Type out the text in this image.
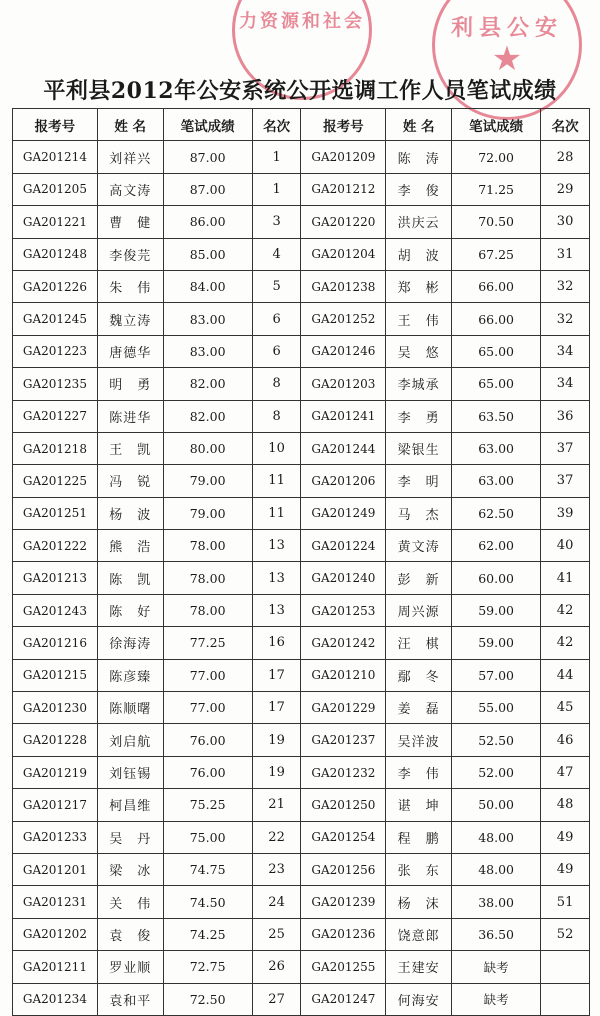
力资源和社会	利县公安
★
平利县2012年公安系统公开选调工作人员笔试成绩
报考号	姓 名	笔试成绩	名次	报考号	姓 名	笔试成绩	名次
GA201214	刘祥兴	87.00	1	GA201209	陈　涛	72.00	28
GA201205	高文涛	87.00	1	GA201212	李　俊	71.25	29
GA201221	曹　健	86.00	3	GA201220	洪庆云	70.50	30
GA201248	李俊芫	85.00	4	GA201204	胡　波	67.25	31
GA201226	朱　伟	84.00	5	GA201238	郑　彬	66.00	32
GA201245	魏立涛	83.00	6	GA201252	王　伟	66.00	32
GA201223	唐德华	83.00	6	GA201246	吴　悠	65.00	34
GA201235	明　勇	82.00	8	GA201203	李城承	65.00	34
GA201227	陈进华	82.00	8	GA201241	李　勇	63.50	36
GA201218	王　凯	80.00	10	GA201244	梁银生	63.00	37
GA201225	冯　锐	79.00	11	GA201206	李　明	63.00	37
GA201251	杨　波	79.00	11	GA201249	马　杰	62.50	39
GA201222	熊　浩	78.00	13	GA201224	黄文涛	62.00	40
GA201213	陈　凯	78.00	13	GA201240	彭　新	60.00	41
GA201243	陈　好	78.00	13	GA201253	周兴源	59.00	42
GA201216	徐海涛	77.25	16	GA201242	汪　棋	59.00	42
GA201215	陈彦臻	77.00	17	GA201210	鄢　冬	57.00	44
GA201230	陈顺曙	77.00	17	GA201229	姜　磊	55.00	45
GA201228	刘启航	76.00	19	GA201237	吴洋波	52.50	46
GA201219	刘钰锡	76.00	19	GA201232	李　伟	52.00	47
GA201217	柯昌维	75.25	21	GA201250	谌　坤	50.00	48
GA201233	吴　丹	75.00	22	GA201254	程　鹏	48.00	49
GA201201	梁　冰	74.75	23	GA201256	张　东	48.00	49
GA201231	关　伟	74.50	24	GA201239	杨　沫	38.00	51
GA201202	袁　俊	74.25	25	GA201236	饶意郎	36.50	52
GA201211	罗业顺	72.75	26	GA201255	王建安	缺考	
GA201234	袁和平	72.50	27	GA201247	何海安	缺考	
